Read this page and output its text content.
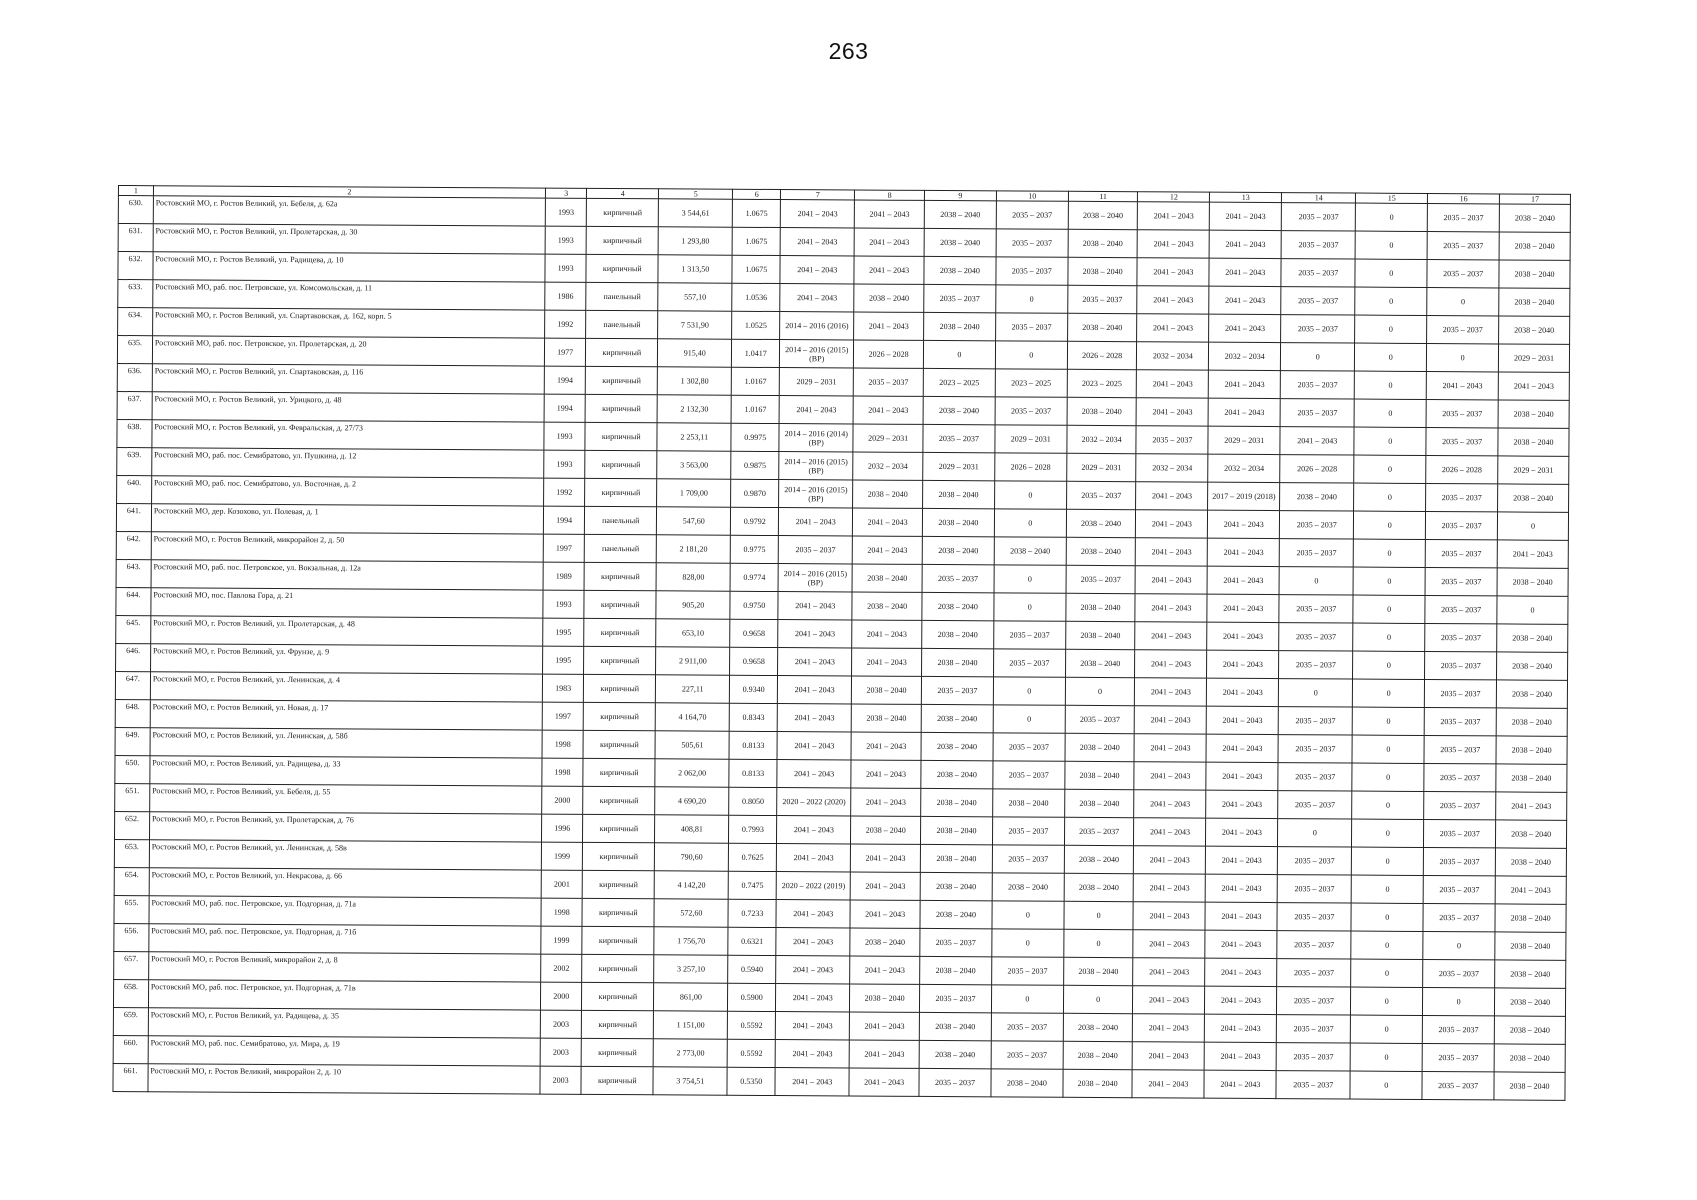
263
1	2	3	4	5	6	7	8	9	10	11	12	13	14	15	16	17
630.	Ростовский МО, г. Ростов Великий, ул. Бебеля, д. 62а	1993	кирпичный	3 544,61	1.0675	2041 – 2043	2041 – 2043	2038 – 2040	2035 – 2037	2038 – 2040	2041 – 2043	2041 – 2043	2035 – 2037	0	2035 – 2037	2038 – 2040
631.	Ростовский МО, г. Ростов Великий, ул. Пролетарская, д. 30	1993	кирпичный	1 293,80	1.0675	2041 – 2043	2041 – 2043	2038 – 2040	2035 – 2037	2038 – 2040	2041 – 2043	2041 – 2043	2035 – 2037	0	2035 – 2037	2038 – 2040
632.	Ростовский МО, г. Ростов Великий, ул. Радищева, д. 10	1993	кирпичный	1 313,50	1.0675	2041 – 2043	2041 – 2043	2038 – 2040	2035 – 2037	2038 – 2040	2041 – 2043	2041 – 2043	2035 – 2037	0	2035 – 2037	2038 – 2040
633.	Ростовский МО, раб. пос. Петровское, ул. Комсомольская, д. 11	1986	панельный	557,10	1.0536	2041 – 2043	2038 – 2040	2035 – 2037	0	2035 – 2037	2041 – 2043	2041 – 2043	2035 – 2037	0	0	2038 – 2040
634.	Ростовский МО, г. Ростов Великий, ул. Спартаковская, д. 162, корп. 5	1992	панельный	7 531,90	1.0525	2014 – 2016 (2016)	2041 – 2043	2038 – 2040	2035 – 2037	2038 – 2040	2041 – 2043	2041 – 2043	2035 – 2037	0	2035 – 2037	2038 – 2040
635.	Ростовский МО, раб. пос. Петровское, ул. Пролетарская, д. 20	1977	кирпичный	915,40	1.0417	2014 – 2016 (2015) (ВР)	2026 – 2028	0	0	2026 – 2028	2032 – 2034	2032 – 2034	0	0	0	2029 – 2031
636.	Ростовский МО, г. Ростов Великий, ул. Спартаковская, д. 116	1994	кирпичный	1 302,80	1.0167	2029 – 2031	2035 – 2037	2023 – 2025	2023 – 2025	2023 – 2025	2041 – 2043	2041 – 2043	2035 – 2037	0	2041 – 2043	2041 – 2043
637.	Ростовский МО, г. Ростов Великий, ул. Урицкого, д. 48	1994	кирпичный	2 132,30	1.0167	2041 – 2043	2041 – 2043	2038 – 2040	2035 – 2037	2038 – 2040	2041 – 2043	2041 – 2043	2035 – 2037	0	2035 – 2037	2038 – 2040
638.	Ростовский МО, г. Ростов Великий, ул. Февральская, д. 27/73	1993	кирпичный	2 253,11	0.9975	2014 – 2016 (2014) (ВР)	2029 – 2031	2035 – 2037	2029 – 2031	2032 – 2034	2035 – 2037	2029 – 2031	2041 – 2043	0	2035 – 2037	2038 – 2040
639.	Ростовский МО, раб. пос. Семибратово, ул. Пушкина, д. 12	1993	кирпичный	3 563,00	0.9875	2014 – 2016 (2015) (ВР)	2032 – 2034	2029 – 2031	2026 – 2028	2029 – 2031	2032 – 2034	2032 – 2034	2026 – 2028	0	2026 – 2028	2029 – 2031
640.	Ростовский МО, раб. пос. Семибратово, ул. Восточная, д. 2	1992	кирпичный	1 709,00	0.9870	2014 – 2016 (2015) (ВР)	2038 – 2040	2038 – 2040	0	2035 – 2037	2041 – 2043	2017 – 2019 (2018)	2038 – 2040	0	2035 – 2037	2038 – 2040
641.	Ростовский МО, дер. Козохово, ул. Полевая, д. 1	1994	панельный	547,60	0.9792	2041 – 2043	2041 – 2043	2038 – 2040	0	2038 – 2040	2041 – 2043	2041 – 2043	2035 – 2037	0	2035 – 2037	0
642.	Ростовский МО, г. Ростов Великий, микрорайон 2, д. 50	1997	панельный	2 181,20	0.9775	2035 – 2037	2041 – 2043	2038 – 2040	2038 – 2040	2038 – 2040	2041 – 2043	2041 – 2043	2035 – 2037	0	2035 – 2037	2041 – 2043
643.	Ростовский МО, раб. пос. Петровское, ул. Вокзальная, д. 12а	1989	кирпичный	828,00	0.9774	2014 – 2016 (2015) (ВР)	2038 – 2040	2035 – 2037	0	2035 – 2037	2041 – 2043	2041 – 2043	0	0	2035 – 2037	2038 – 2040
644.	Ростовский МО, пос. Павлова Гора, д. 21	1993	кирпичный	905,20	0.9750	2041 – 2043	2038 – 2040	2038 – 2040	0	2038 – 2040	2041 – 2043	2041 – 2043	2035 – 2037	0	2035 – 2037	0
645.	Ростовский МО, г. Ростов Великий, ул. Пролетарская, д. 48	1995	кирпичный	653,10	0.9658	2041 – 2043	2041 – 2043	2038 – 2040	2035 – 2037	2038 – 2040	2041 – 2043	2041 – 2043	2035 – 2037	0	2035 – 2037	2038 – 2040
646.	Ростовский МО, г. Ростов Великий, ул. Фрунзе, д. 9	1995	кирпичный	2 911,00	0.9658	2041 – 2043	2041 – 2043	2038 – 2040	2035 – 2037	2038 – 2040	2041 – 2043	2041 – 2043	2035 – 2037	0	2035 – 2037	2038 – 2040
647.	Ростовский МО, г. Ростов Великий, ул. Ленинская, д. 4	1983	кирпичный	227,11	0.9340	2041 – 2043	2038 – 2040	2035 – 2037	0	0	2041 – 2043	2041 – 2043	0	0	2035 – 2037	2038 – 2040
648.	Ростовский МО, г. Ростов Великий, ул. Новая, д. 17	1997	кирпичный	4 164,70	0.8343	2041 – 2043	2038 – 2040	2038 – 2040	0	2035 – 2037	2041 – 2043	2041 – 2043	2035 – 2037	0	2035 – 2037	2038 – 2040
649.	Ростовский МО, г. Ростов Великий, ул. Ленинская, д. 58б	1998	кирпичный	505,61	0.8133	2041 – 2043	2041 – 2043	2038 – 2040	2035 – 2037	2038 – 2040	2041 – 2043	2041 – 2043	2035 – 2037	0	2035 – 2037	2038 – 2040
650.	Ростовский МО, г. Ростов Великий, ул. Радищева, д. 33	1998	кирпичный	2 062,00	0.8133	2041 – 2043	2041 – 2043	2038 – 2040	2035 – 2037	2038 – 2040	2041 – 2043	2041 – 2043	2035 – 2037	0	2035 – 2037	2038 – 2040
651.	Ростовский МО, г. Ростов Великий, ул. Бебеля, д. 55	2000	кирпичный	4 690,20	0.8050	2020 – 2022 (2020)	2041 – 2043	2038 – 2040	2038 – 2040	2038 – 2040	2041 – 2043	2041 – 2043	2035 – 2037	0	2035 – 2037	2041 – 2043
652.	Ростовский МО, г. Ростов Великий, ул. Пролетарская, д. 76	1996	кирпичный	408,81	0.7993	2041 – 2043	2038 – 2040	2038 – 2040	2035 – 2037	2035 – 2037	2041 – 2043	2041 – 2043	0	0	2035 – 2037	2038 – 2040
653.	Ростовский МО, г. Ростов Великий, ул. Ленинская, д. 58в	1999	кирпичный	790,60	0.7625	2041 – 2043	2041 – 2043	2038 – 2040	2035 – 2037	2038 – 2040	2041 – 2043	2041 – 2043	2035 – 2037	0	2035 – 2037	2038 – 2040
654.	Ростовский МО, г. Ростов Великий, ул. Некрасова, д. 66	2001	кирпичный	4 142,20	0.7475	2020 – 2022 (2019)	2041 – 2043	2038 – 2040	2038 – 2040	2038 – 2040	2041 – 2043	2041 – 2043	2035 – 2037	0	2035 – 2037	2041 – 2043
655.	Ростовский МО, раб. пос. Петровское, ул. Подгорная, д. 71а	1998	кирпичный	572,60	0.7233	2041 – 2043	2041 – 2043	2038 – 2040	0	0	2041 – 2043	2041 – 2043	2035 – 2037	0	2035 – 2037	2038 – 2040
656.	Ростовский МО, раб. пос. Петровское, ул. Подгорная, д. 71б	1999	кирпичный	1 756,70	0.6321	2041 – 2043	2038 – 2040	2035 – 2037	0	0	2041 – 2043	2041 – 2043	2035 – 2037	0	0	2038 – 2040
657.	Ростовский МО, г. Ростов Великий, микрорайон 2, д. 8	2002	кирпичный	3 257,10	0.5940	2041 – 2043	2041 – 2043	2038 – 2040	2035 – 2037	2038 – 2040	2041 – 2043	2041 – 2043	2035 – 2037	0	2035 – 2037	2038 – 2040
658.	Ростовский МО, раб. пос. Петровское, ул. Подгорная, д. 71в	2000	кирпичный	861,00	0.5900	2041 – 2043	2038 – 2040	2035 – 2037	0	0	2041 – 2043	2041 – 2043	2035 – 2037	0	0	2038 – 2040
659.	Ростовский МО, г. Ростов Великий, ул. Радищева, д. 35	2003	кирпичный	1 151,00	0.5592	2041 – 2043	2041 – 2043	2038 – 2040	2035 – 2037	2038 – 2040	2041 – 2043	2041 – 2043	2035 – 2037	0	2035 – 2037	2038 – 2040
660.	Ростовский МО, раб. пос. Семибратово, ул. Мира, д. 19	2003	кирпичный	2 773,00	0.5592	2041 – 2043	2041 – 2043	2038 – 2040	2035 – 2037	2038 – 2040	2041 – 2043	2041 – 2043	2035 – 2037	0	2035 – 2037	2038 – 2040
661.	Ростовский МО, г. Ростов Великий, микрорайон 2, д. 10	2003	кирпичный	3 754,51	0.5350	2041 – 2043	2041 – 2043	2035 – 2037	2038 – 2040	2038 – 2040	2041 – 2043	2041 – 2043	2035 – 2037	0	2035 – 2037	2038 – 2040
